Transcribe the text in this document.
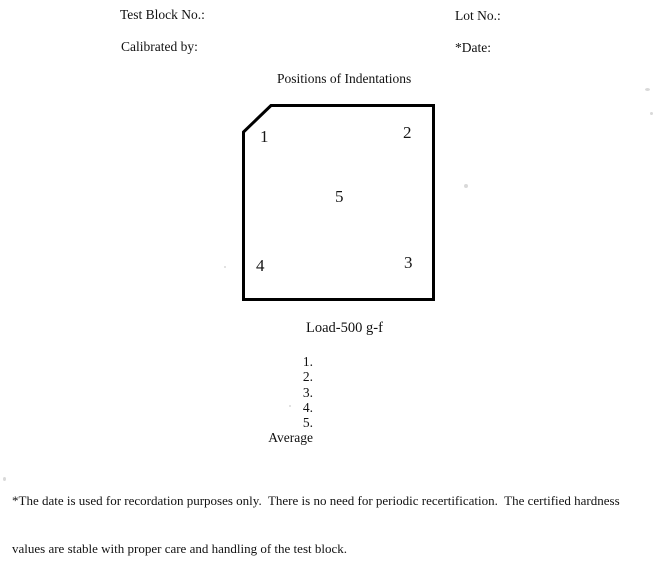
Test Block No.:	Lot No.:
Calibrated by:	*Date:
Positions of Indentations
1	2
3
4
5
Load-500 g-f
1.
2.
3.
4.
5.
Average

*The date is used for recordation purposes only.  There is no need for periodic recertification.  The certified hardness

values are stable with proper care and handling of the test block.
